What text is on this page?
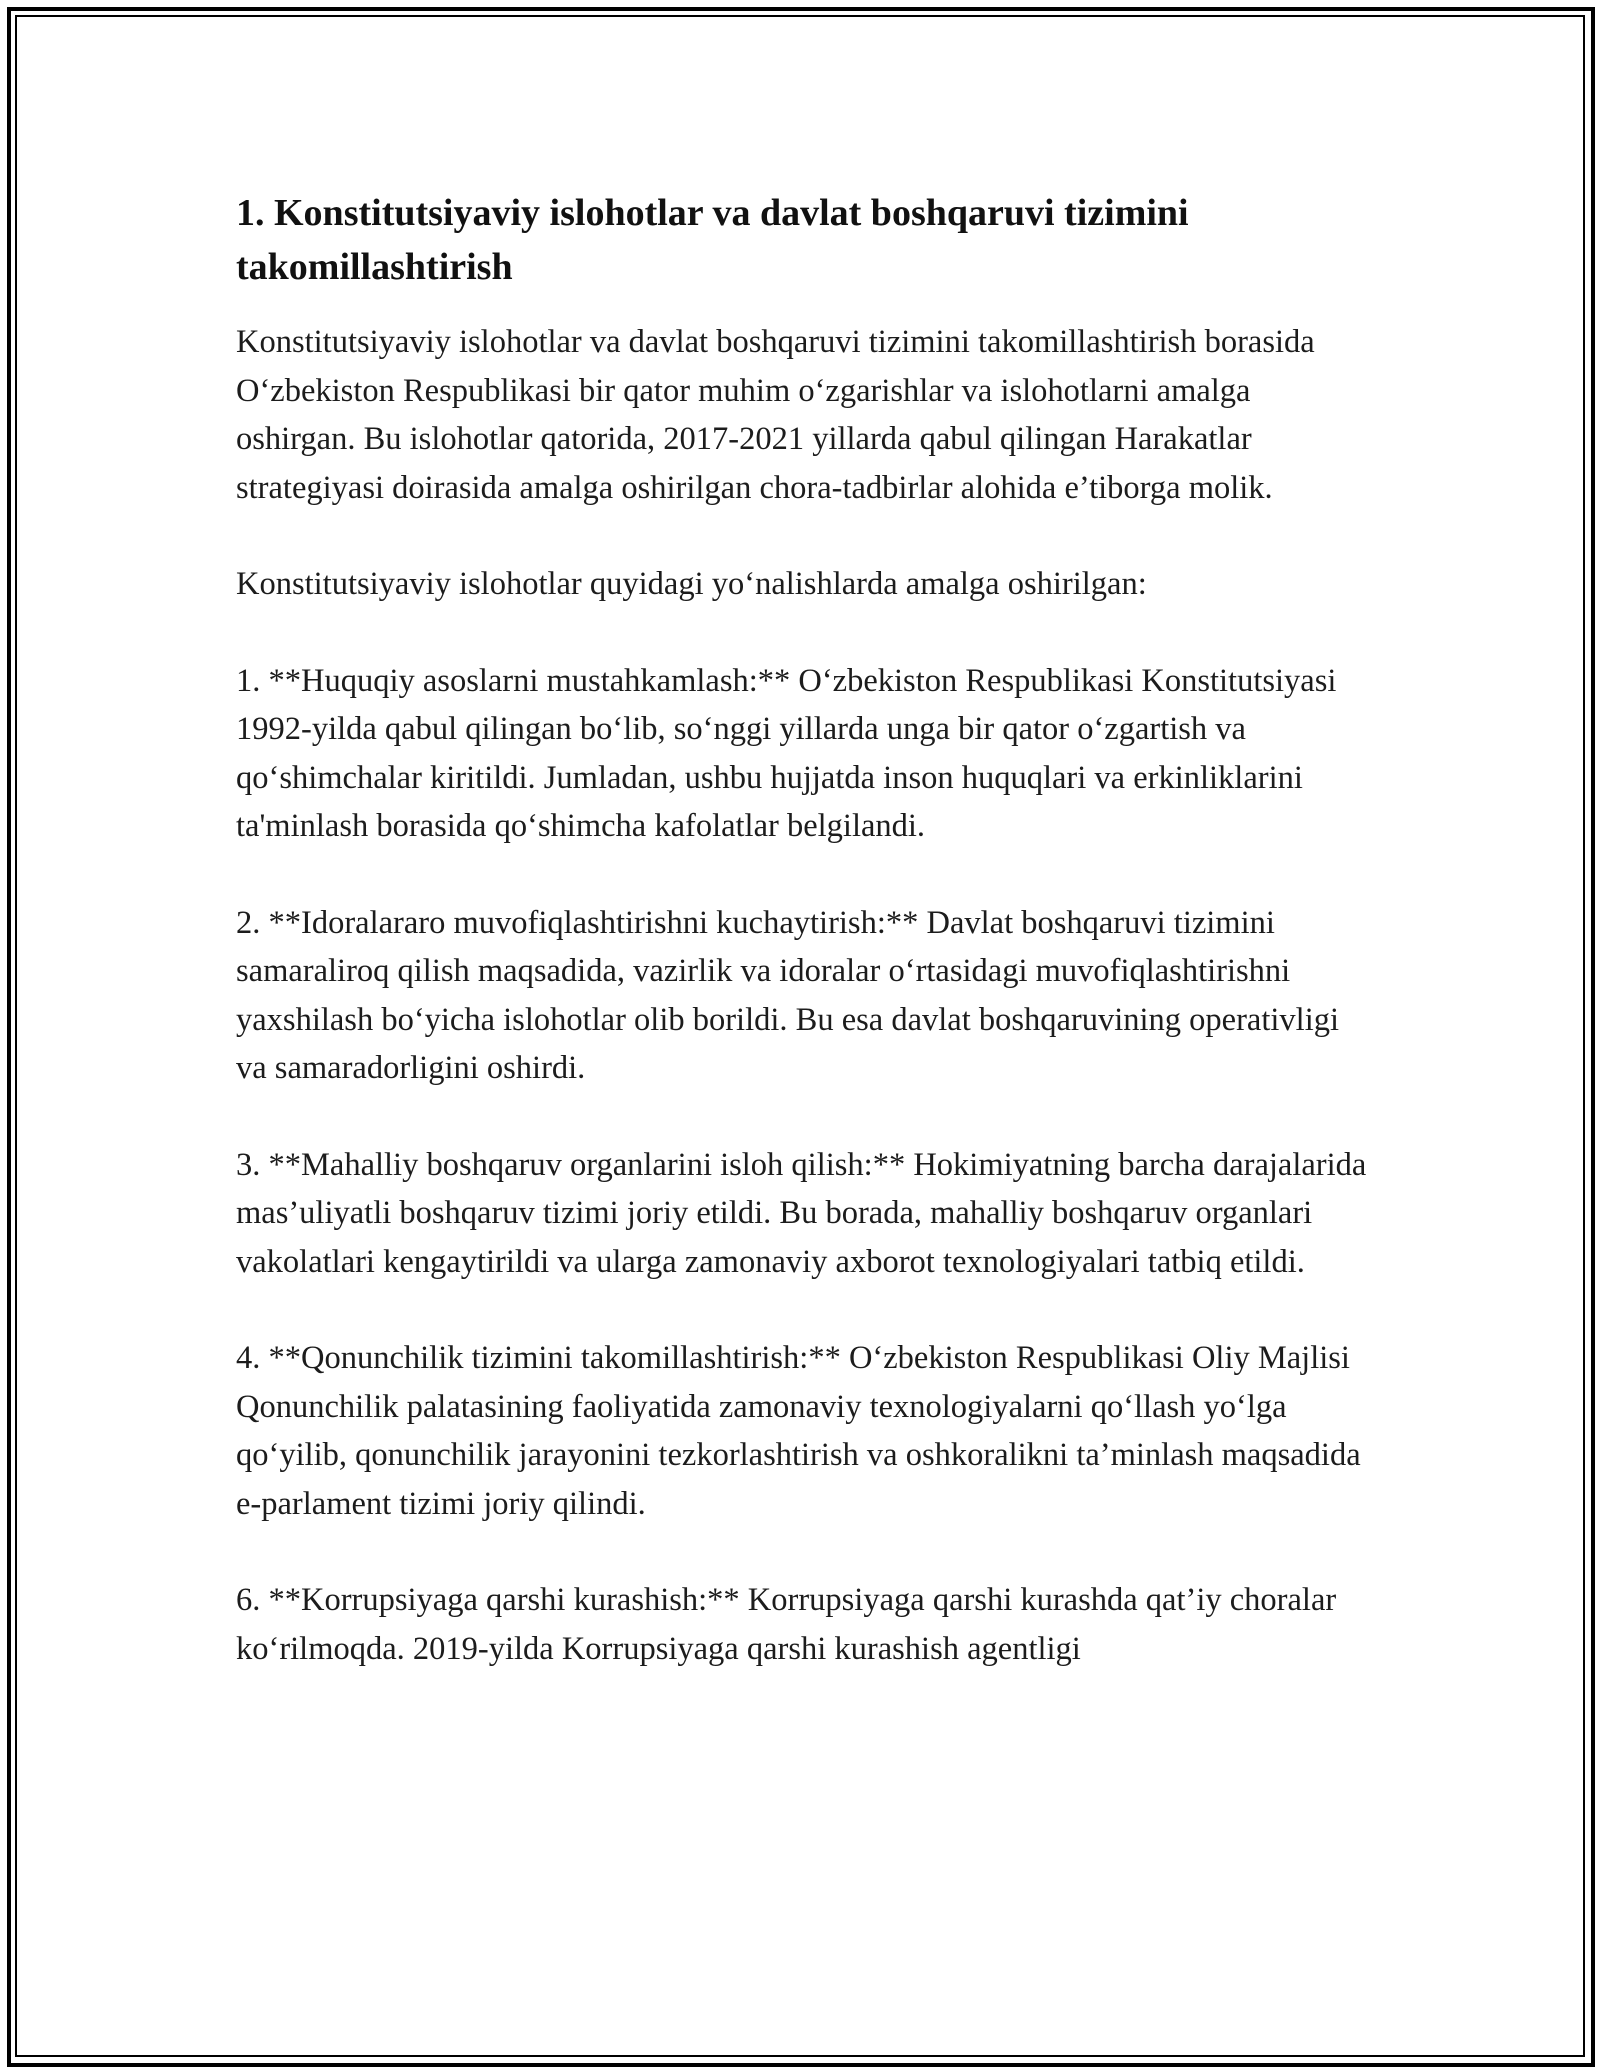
1. Konstitutsiyaviy islohotlar va davlat boshqaruvi tizimini takomillashtirish

Konstitutsiyaviy islohotlar va davlat boshqaruvi tizimini takomillashtirish borasida O‘zbekiston Respublikasi bir qator muhim o‘zgarishlar va islohotlarni amalga oshirgan. Bu islohotlar qatorida, 2017-2021 yillarda qabul qilingan Harakatlar strategiyasi doirasida amalga oshirilgan chora-tadbirlar alohida e’tiborga molik.

Konstitutsiyaviy islohotlar quyidagi yo‘nalishlarda amalga oshirilgan:

1. **Huquqiy asoslarni mustahkamlash:** O‘zbekiston Respublikasi Konstitutsiyasi 1992-yilda qabul qilingan bo‘lib, so‘nggi yillarda unga bir qator o‘zgartish va qo‘shimchalar kiritildi. Jumladan, ushbu hujjatda inson huquqlari va erkinliklarini ta'minlash borasida qo‘shimcha kafolatlar belgilandi.

2. **Idoralararo muvofiqlashtirishni kuchaytirish:** Davlat boshqaruvi tizimini samaraliroq qilish maqsadida, vazirlik va idoralar o‘rtasidagi muvofiqlashtirishni yaxshilash bo‘yicha islohotlar olib borildi. Bu esa davlat boshqaruvining operativligi va samaradorligini oshirdi.

3. **Mahalliy boshqaruv organlarini isloh qilish:** Hokimiyatning barcha darajalarida mas’uliyatli boshqaruv tizimi joriy etildi. Bu borada, mahalliy boshqaruv organlari vakolatlari kengaytirildi va ularga zamonaviy axborot texnologiyalari tatbiq etildi.

4. **Qonunchilik tizimini takomillashtirish:** O‘zbekiston Respublikasi Oliy Majlisi Qonunchilik palatasining faoliyatida zamonaviy texnologiyalarni qo‘llash yo‘lga qo‘yilib, qonunchilik jarayonini tezkorlashtirish va oshkoralikni ta’minlash maqsadida e-parlament tizimi joriy qilindi.

6. **Korrupsiyaga qarshi kurashish:** Korrupsiyaga qarshi kurashda qat’iy choralar ko‘rilmoqda. 2019-yilda Korrupsiyaga qarshi kurashish agentligi
